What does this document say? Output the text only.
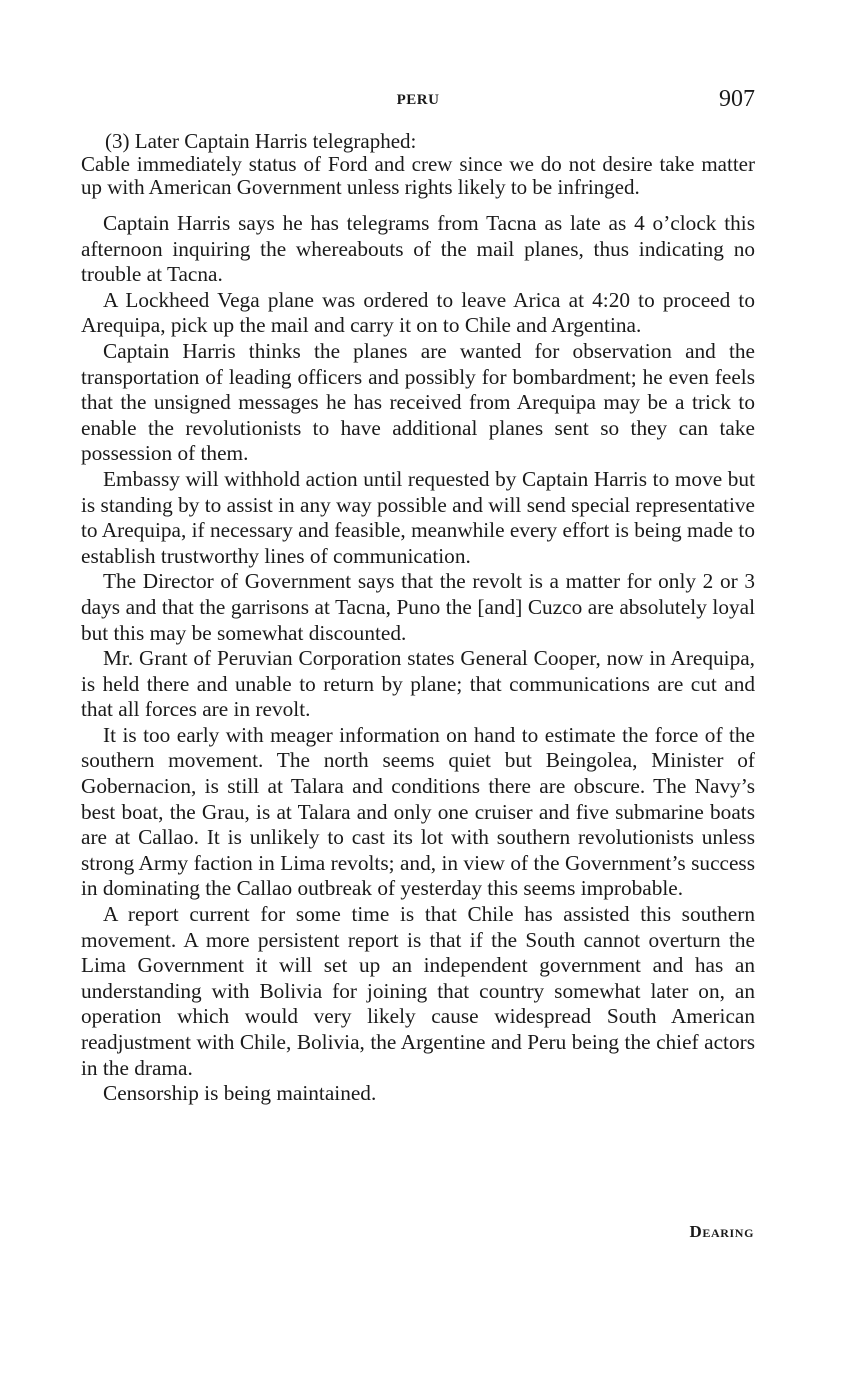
PERU	907
(3) Later Captain Harris telegraphed:
Cable immediately status of Ford and crew since we do not desire take matter up with American Government unless rights likely to be infringed.

Captain Harris says he has telegrams from Tacna as late as 4 o’clock this afternoon inquiring the whereabouts of the mail planes, thus indicating no trouble at Tacna.

A Lockheed Vega plane was ordered to leave Arica at 4:20 to proceed to Arequipa, pick up the mail and carry it on to Chile and Argentina.

Captain Harris thinks the planes are wanted for observation and the transportation of leading officers and possibly for bombardment; he even feels that the unsigned messages he has received from Arequipa may be a trick to enable the revolutionists to have additional planes sent so they can take possession of them.

Embassy will withhold action until requested by Captain Harris to move but is standing by to assist in any way possible and will send special representative to Arequipa, if necessary and feasible, meanwhile every effort is being made to establish trustworthy lines of communication.

The Director of Government says that the revolt is a matter for only 2 or 3 days and that the garrisons at Tacna, Puno the [and] Cuzco are absolutely loyal but this may be somewhat discounted.

Mr. Grant of Peruvian Corporation states General Cooper, now in Arequipa, is held there and unable to return by plane; that communications are cut and that all forces are in revolt.

It is too early with meager information on hand to estimate the force of the southern movement. The north seems quiet but Beingolea, Minister of Gobernacion, is still at Talara and conditions there are obscure. The Navy’s best boat, the Grau, is at Talara and only one cruiser and five submarine boats are at Callao. It is unlikely to cast its lot with southern revolutionists unless strong Army faction in Lima revolts; and, in view of the Government’s success in dominating the Callao outbreak of yesterday this seems improbable.

A report current for some time is that Chile has assisted this southern movement. A more persistent report is that if the South cannot overturn the Lima Government it will set up an independent government and has an understanding with Bolivia for joining that country somewhat later on, an operation which would very likely cause widespread South American readjustment with Chile, Bolivia, the Argentine and Peru being the chief actors in the drama.

Censorship is being maintained.

Dearing
